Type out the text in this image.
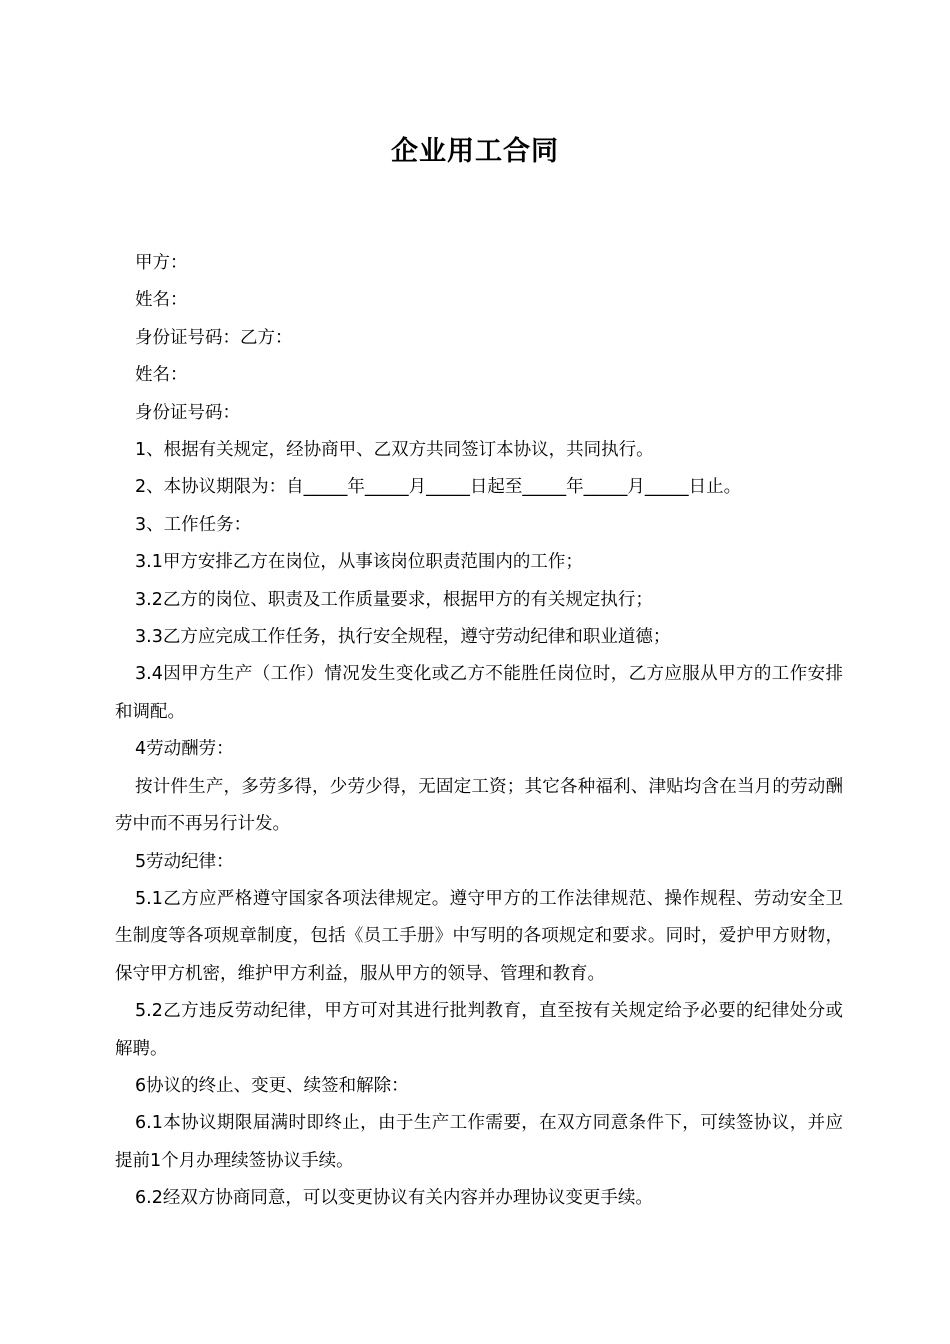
企业用工合同

甲方：

姓名：

身份证号码：乙方：

姓名：

身份证号码：

1、根据有关规定，经协商甲、乙双方共同签订本协议，共同执行。

2、本协议期限为：自_____年_____月_____日起至_____年_____月_____日止。

3、工作任务：

3.1甲方安排乙方在岗位，从事该岗位职责范围内的工作；

3.2乙方的岗位、职责及工作质量要求，根据甲方的有关规定执行；

3.3乙方应完成工作任务，执行安全规程，遵守劳动纪律和职业道德；

3.4因甲方生产（工作）情况发生变化或乙方不能胜任岗位时，乙方应服从甲方的工作安排和调配。

4劳动酬劳：

按计件生产，多劳多得，少劳少得，无固定工资；其它各种福利、津贴均含在当月的劳动酬劳中而不再另行计发。

5劳动纪律：

5.1乙方应严格遵守国家各项法律规定。遵守甲方的工作法律规范、操作规程、劳动安全卫生制度等各项规章制度，包括《员工手册》中写明的各项规定和要求。同时，爱护甲方财物，保守甲方机密，维护甲方利益，服从甲方的领导、管理和教育。

5.2乙方违反劳动纪律，甲方可对其进行批判教育，直至按有关规定给予必要的纪律处分或解聘。

6协议的终止、变更、续签和解除：

6.1本协议期限届满时即终止，由于生产工作需要，在双方同意条件下，可续签协议，并应提前1个月办理续签协议手续。

6.2经双方协商同意，可以变更协议有关内容并办理协议变更手续。
